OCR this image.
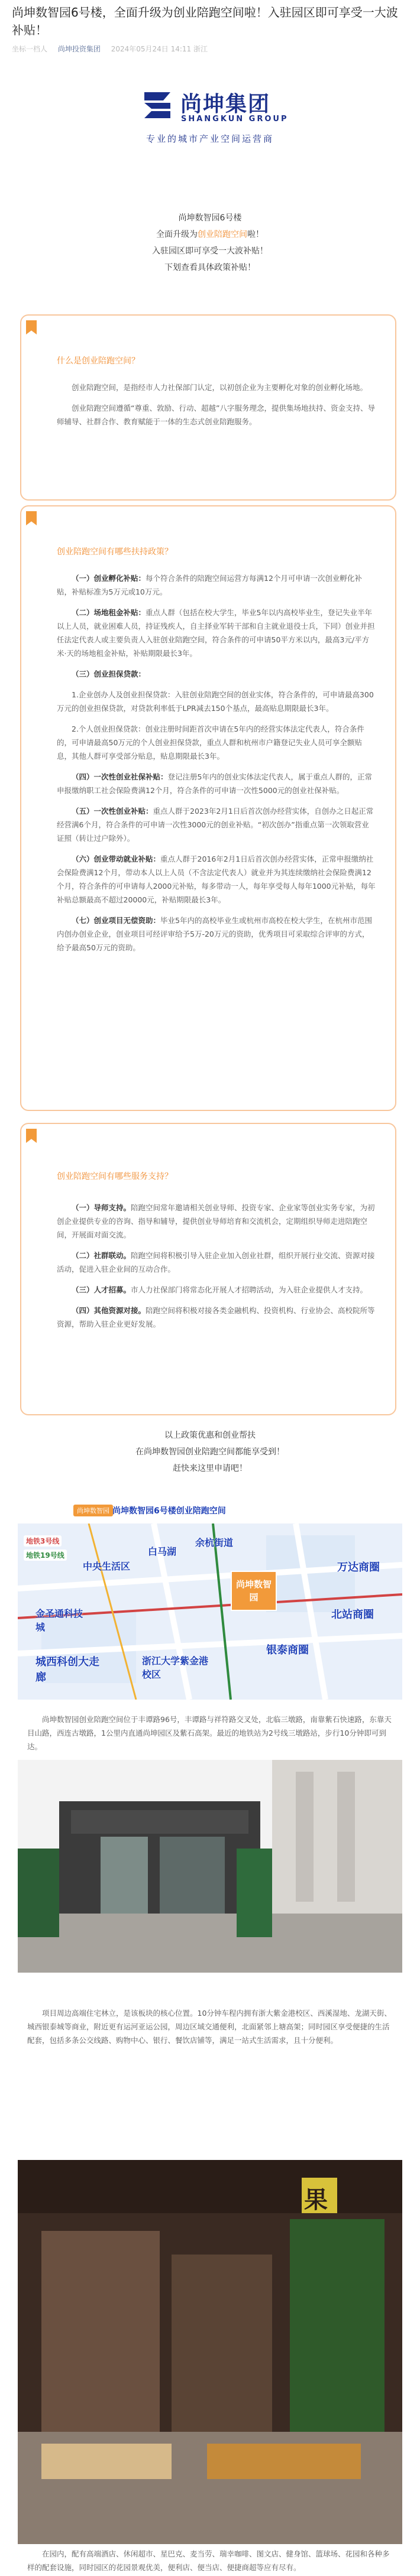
尚坤数智园6号楼，全面升级为创业陪跑空间啦！入驻园区即可享受一大波补贴！
坐标一档人 尚坤投资集团 2024年05月24日 14:11 浙江
尚坤集团
SHANGKUN GROUP
专业的城市产业空间运营商
尚坤数智园6号楼
全面升级为创业陪跑空间啦！
入驻园区即可享受一大波补贴！
下划查看具体政策补贴！
什么是创业陪跑空间？

创业陪跑空间，是指经市人力社保部门认定，以初创企业为主要孵化对象的创业孵化场地。

创业陪跑空间遵循“尊重、敦励、行动、超越”八字服务理念，提供集场地扶持、资金支持、导师辅导、社群合作、教育赋能于一体的生态式创业陪跑服务。

创业陪跑空间有哪些扶持政策？

（一）创业孵化补贴：每个符合条件的陪跑空间运营方每满12个月可申请一次创业孵化补贴，补贴标准为5万元或10万元。

（二）场地租金补贴：重点人群（包括在校大学生，毕业5年以内高校毕业生，登记失业半年以上人员，就业困难人员，持证残疾人，自主择业军转干部和自主就业退役士兵，下同）创业并担任法定代表人或主要负责人入驻创业陪跑空间，符合条件的可申请50平方米以内，最高3元/平方米·天的场地租金补贴，补贴期限最长3年。

（三）创业担保贷款：

1.企业创办人及创业担保贷款：入驻创业陪跑空间的创业实体，符合条件的，可申请最高300万元的创业担保贷款，对贷款利率低于LPR减去150个基点，最高贴息期限最长3年。

2.个人创业担保贷款：创业注册时间距首次申请在5年内的经营实体法定代表人，符合条件的，可申请最高50万元的个人创业担保贷款，重点人群和杭州市户籍登记失业人员可享全额贴息，其他人群可享受部分贴息，贴息期限最长3年。

（四）一次性创业社保补贴：登记注册5年内的创业实体法定代表人，属于重点人群的，正常申报缴纳职工社会保险费满12个月，符合条件的可申请一次性5000元的创业社保补贴。

（五）一次性创业补贴：重点人群于2023年2月1日后首次创办经营实体，自创办之日起正常经营满6个月，符合条件的可申请一次性3000元的创业补贴。“初次创办”指重点第一次领取营业证照（转让过户除外）。

（六）创业带动就业补贴：重点人群于2016年2月1日后首次创办经营实体，正常申报缴纳社会保险费满12个月，带动本人以上人员（不含法定代表人）就业并为其连续缴纳社会保险费满12个月，符合条件的可申请每人2000元补贴，每多带动一人，每年享受每人每年1000元补贴，每年补贴总额最高不超过20000元，补贴期限最长3年。

（七）创业项目无偿资助：毕业5年内的高校毕业生或杭州市高校在校大学生，在杭州市范围内创办创业企业，创业项目可经评审给予5万-20万元的资助，优秀项目可采取综合评审的方式，给予最高50万元的资助。

创业陪跑空间有哪些服务支持？

（一）导师支持。陪跑空间常年邀请相关创业导师、投资专家、企业家等创业实务专家，为初创企业提供专业的咨询、指导和辅导，提供创业导师培育和交流机会，定期组织导师走进陪跑空间，开展面对面交流。

（二）社群联动。陪跑空间将积极引导入驻企业加入创业社群，组织开展行业交流、资源对接活动，促进入驻企业间的互动合作。

（三）人才招募。市人力社保部门将常态化开展人才招聘活动，为入驻企业提供人才支持。

（四）其他资源对接。陪跑空间将积极对接各类金融机构、投资机构、行业协会、高校院所等资源，帮助入驻企业更好发展。

以上政策优惠和创业帮扶
在尚坤数智园创业陪跑空间都能享受到！
赶快来这里申请吧！
尚坤数智园 尚坤数智园6号楼创业陪跑空间
尚坤数智园
中央生活区
白马湖
余杭街道
万达商圈
金圣通科技城
城西科创大走廊
浙江大学紫金港校区
银泰商圈
北站商圈
地铁3号线
地铁19号线

尚坤数智园创业陪跑空间位于丰谭路96号，丰谭路与祥符路交叉处，北临三墩路，南靠紫石快速路，东靠天目山路，西连古墩路，1公里内直通尚坤园区及紫石高架。最近的地铁站为2号线三墩路站，步行10分钟即可到达。

项目周边高端住宅林立，是该板块的核心位置。10分钟车程内拥有浙大紫金港校区、西溪湿地、龙湖天街、城西银泰城等商业，附近更有运河亚运公园，周边区域交通便利，北面紧邻上塘高架；同时园区享受便捷的生活配套，包括多条公交线路、购物中心、银行、餐饮店铺等，满足一站式生活需求，且十分便利。

果

在园内，配有高端酒店、休闲超市、星巴克、麦当劳、瑞幸咖啡、图文店、健身馆、篮球场、花园和各种多样的配套设施，同时园区的花园景观优美，便利店、便当店、便捷商超等应有尽有。
